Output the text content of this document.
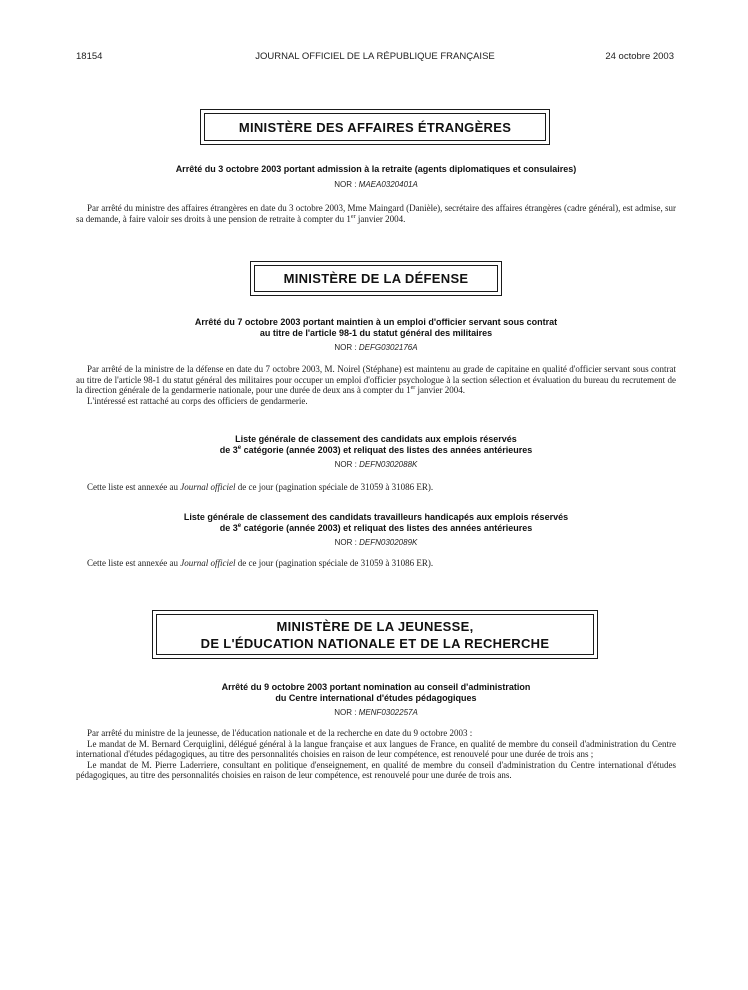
18154	JOURNAL OFFICIEL DE LA RÉPUBLIQUE FRANÇAISE	24 octobre 2003
MINISTÈRE DES AFFAIRES ÉTRANGÈRES
Arrêté du 3 octobre 2003 portant admission à la retraite (agents diplomatiques et consulaires)
NOR : MAEA0320401A

Par arrêté du ministre des affaires étrangères en date du 3 octobre 2003, Mme Maingard (Danièle), secrétaire des affaires étrangères (cadre général), est admise, sur sa demande, à faire valoir ses droits à une pension de retraite à compter du 1er janvier 2004.

MINISTÈRE DE LA DÉFENSE
Arrêté du 7 octobre 2003 portant maintien à un emploi d'officier servant sous contrat
au titre de l'article 98-1 du statut général des militaires
NOR : DEFG0302176A

Par arrêté de la ministre de la défense en date du 7 octobre 2003, M. Noirel (Stéphane) est maintenu au grade de capitaine en qualité d'officier servant sous contrat au titre de l'article 98-1 du statut général des militaires pour occuper un emploi d'officier psychologue à la section sélection et évaluation du bureau du recrutement de la direction générale de la gendarmerie nationale, pour une durée de deux ans à compter du 1er janvier 2004.

L'intéressé est rattaché au corps des officiers de gendarmerie.

Liste générale de classement des candidats aux emplois réservés
de 3e catégorie (année 2003) et reliquat des listes des années antérieures
NOR : DEFN0302088K

Cette liste est annexée au Journal officiel de ce jour (pagination spéciale de 31059 à 31086 ER).

Liste générale de classement des candidats travailleurs handicapés aux emplois réservés
de 3e catégorie (année 2003) et reliquat des listes des années antérieures
NOR : DEFN0302089K

Cette liste est annexée au Journal officiel de ce jour (pagination spéciale de 31059 à 31086 ER).

MINISTÈRE DE LA JEUNESSE,
DE L'ÉDUCATION NATIONALE ET DE LA RECHERCHE
Arrêté du 9 octobre 2003 portant nomination au conseil d'administration
du Centre international d'études pédagogiques
NOR : MENF0302257A

Par arrêté du ministre de la jeunesse, de l'éducation nationale et de la recherche en date du 9 octobre 2003 :

Le mandat de M. Bernard Cerquiglini, délégué général à la langue française et aux langues de France, en qualité de membre du conseil d'administration du Centre international d'études pédagogiques, au titre des personnalités choisies en raison de leur compétence, est renouvelé pour une durée de trois ans ;

Le mandat de M. Pierre Laderriere, consultant en politique d'enseignement, en qualité de membre du conseil d'administration du Centre international d'études pédagogiques, au titre des personnalités choisies en raison de leur compétence, est renouvelé pour une durée de trois ans.
